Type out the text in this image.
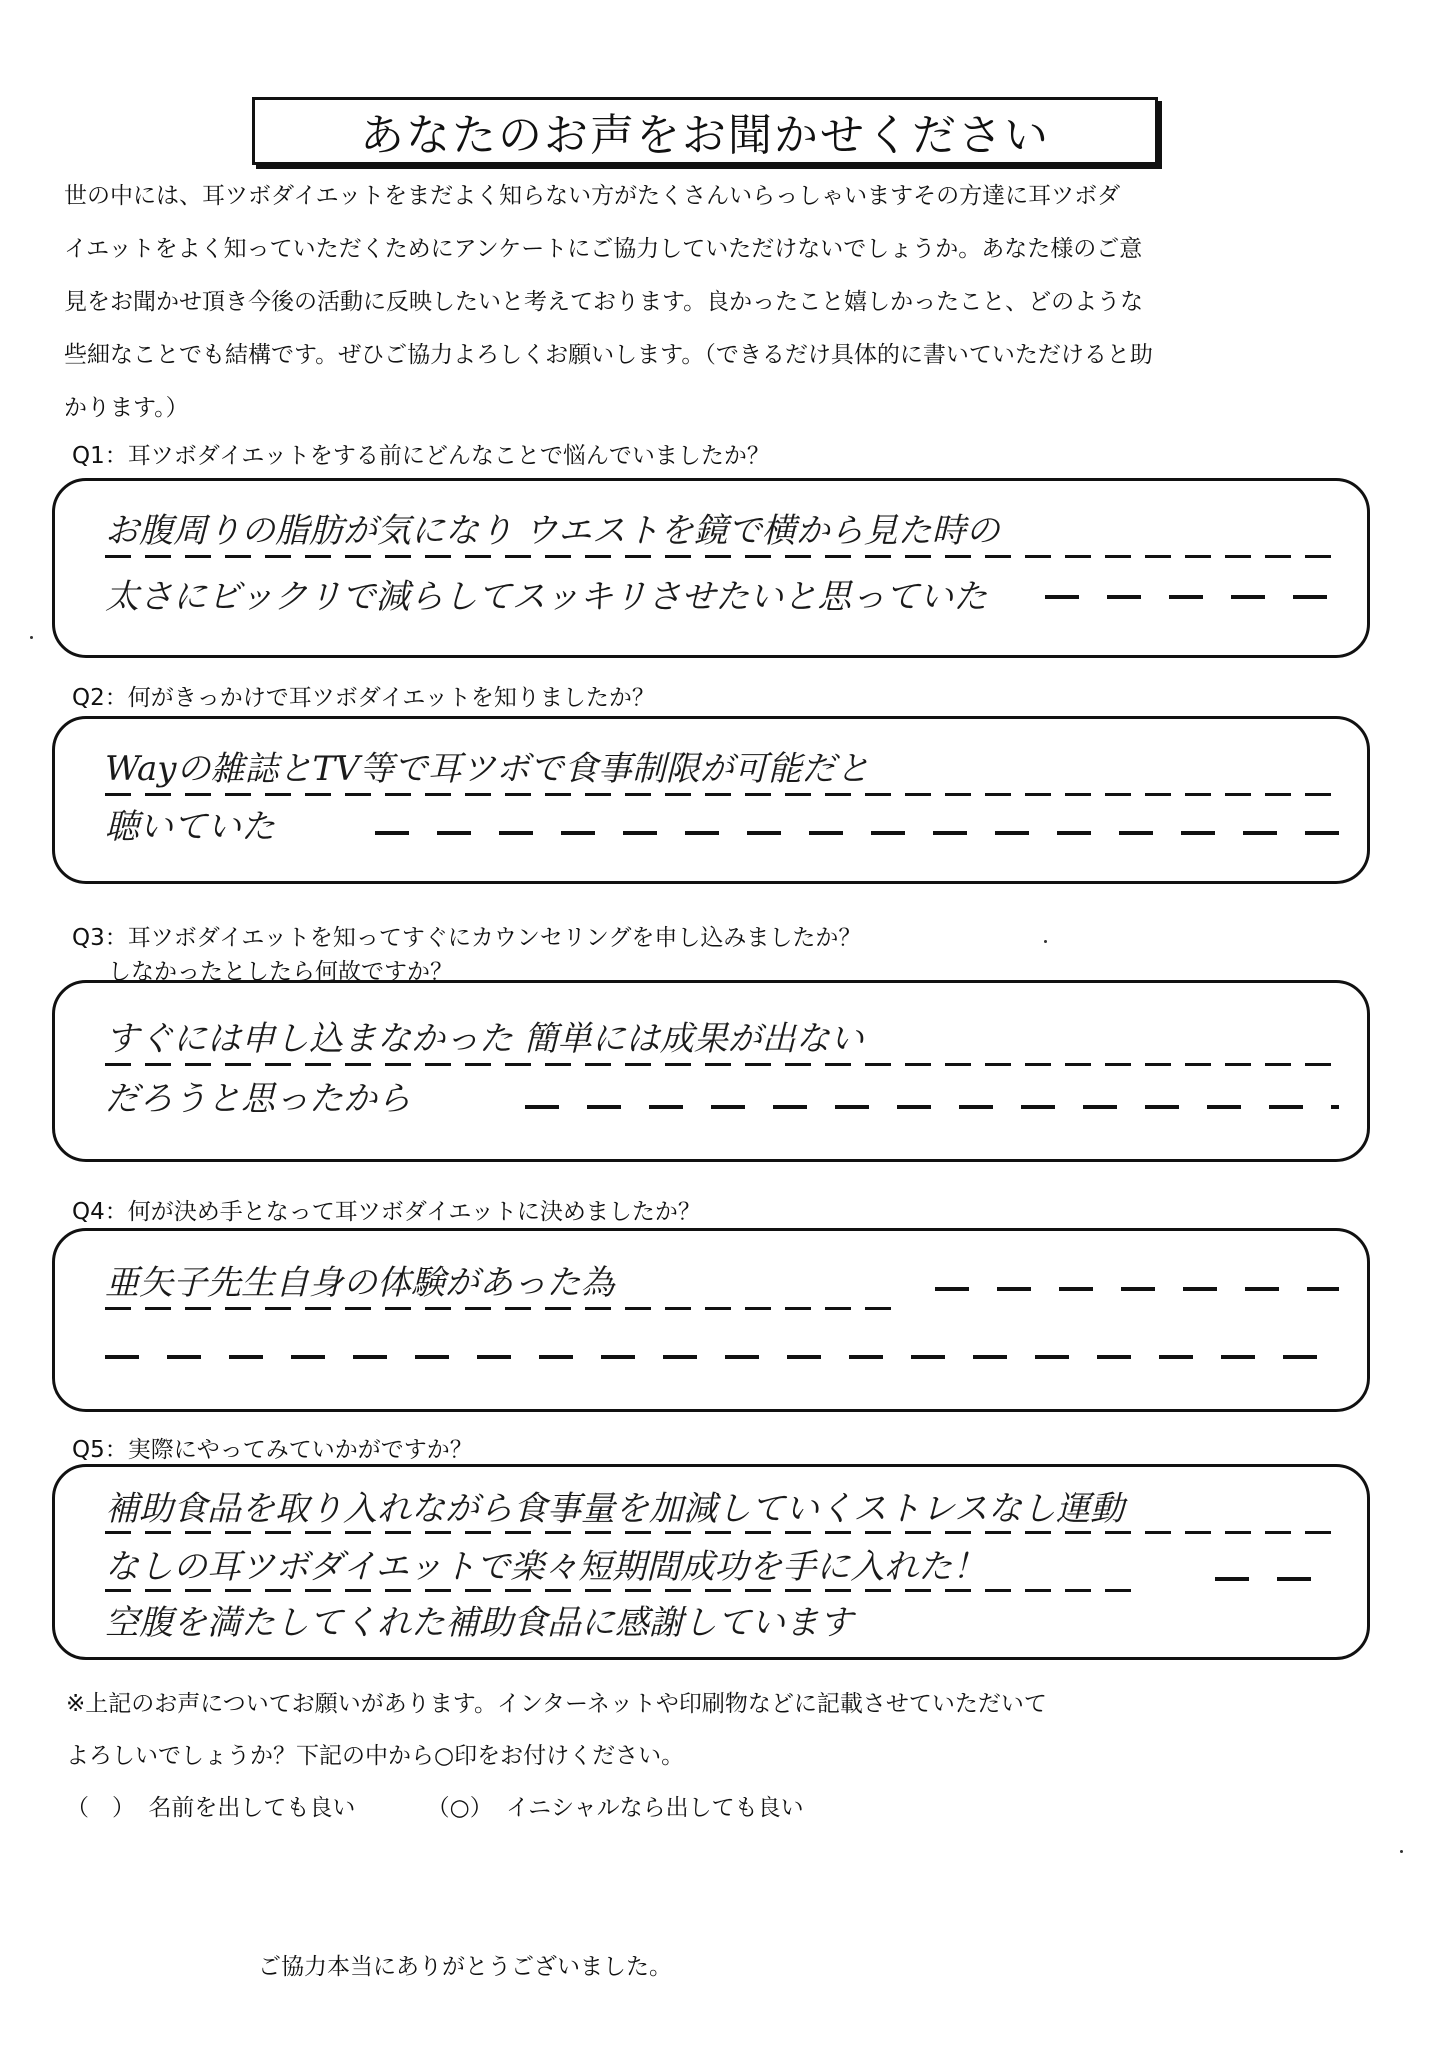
あなたのお声をお聞かせください

世の中には、耳ツボダイエットをまだよく知らない方がたくさんいらっしゃいますその方達に耳ツボダ

イエットをよく知っていただくためにアンケートにご協力していただけないでしょうか。あなた様のご意

見をお聞かせ頂き今後の活動に反映したいと考えております。良かったこと嬉しかったこと、どのような

些細なことでも結構です。ぜひご協力よろしくお願いします。（できるだけ具体的に書いていただけると助

かります。）

Q1：耳ツボダイエットをする前にどんなことで悩んでいましたか？
お腹周りの脂肪が気になり ウエストを鏡で横から見た時の
太さにビックリで減らしてスッキリさせたいと思っていた
Q2：何がきっかけで耳ツボダイエットを知りましたか？
Wayの雑誌とTV等で耳ツボで食事制限が可能だと
聴いていた
Q3：耳ツボダイエットを知ってすぐにカウンセリングを申し込みましたか？
しなかったとしたら何故ですか？
すぐには申し込まなかった 簡単には成果が出ない
だろうと思ったから
Q4：何が決め手となって耳ツボダイエットに決めましたか？
亜矢子先生自身の体験があった為
Q5：実際にやってみていかがですか？
補助食品を取り入れながら食事量を加減していくストレスなし運動
なしの耳ツボダイエットで楽々短期間成功を手に入れた！
空腹を満たしてくれた補助食品に感謝しています
※上記のお声についてお願いがあります。インターネットや印刷物などに記載させていただいて
よろしいでしょうか？下記の中から○印をお付けください。
（　） 名前を出しても良い	（○） イニシャルなら出しても良い
ご協力本当にありがとうございました。
